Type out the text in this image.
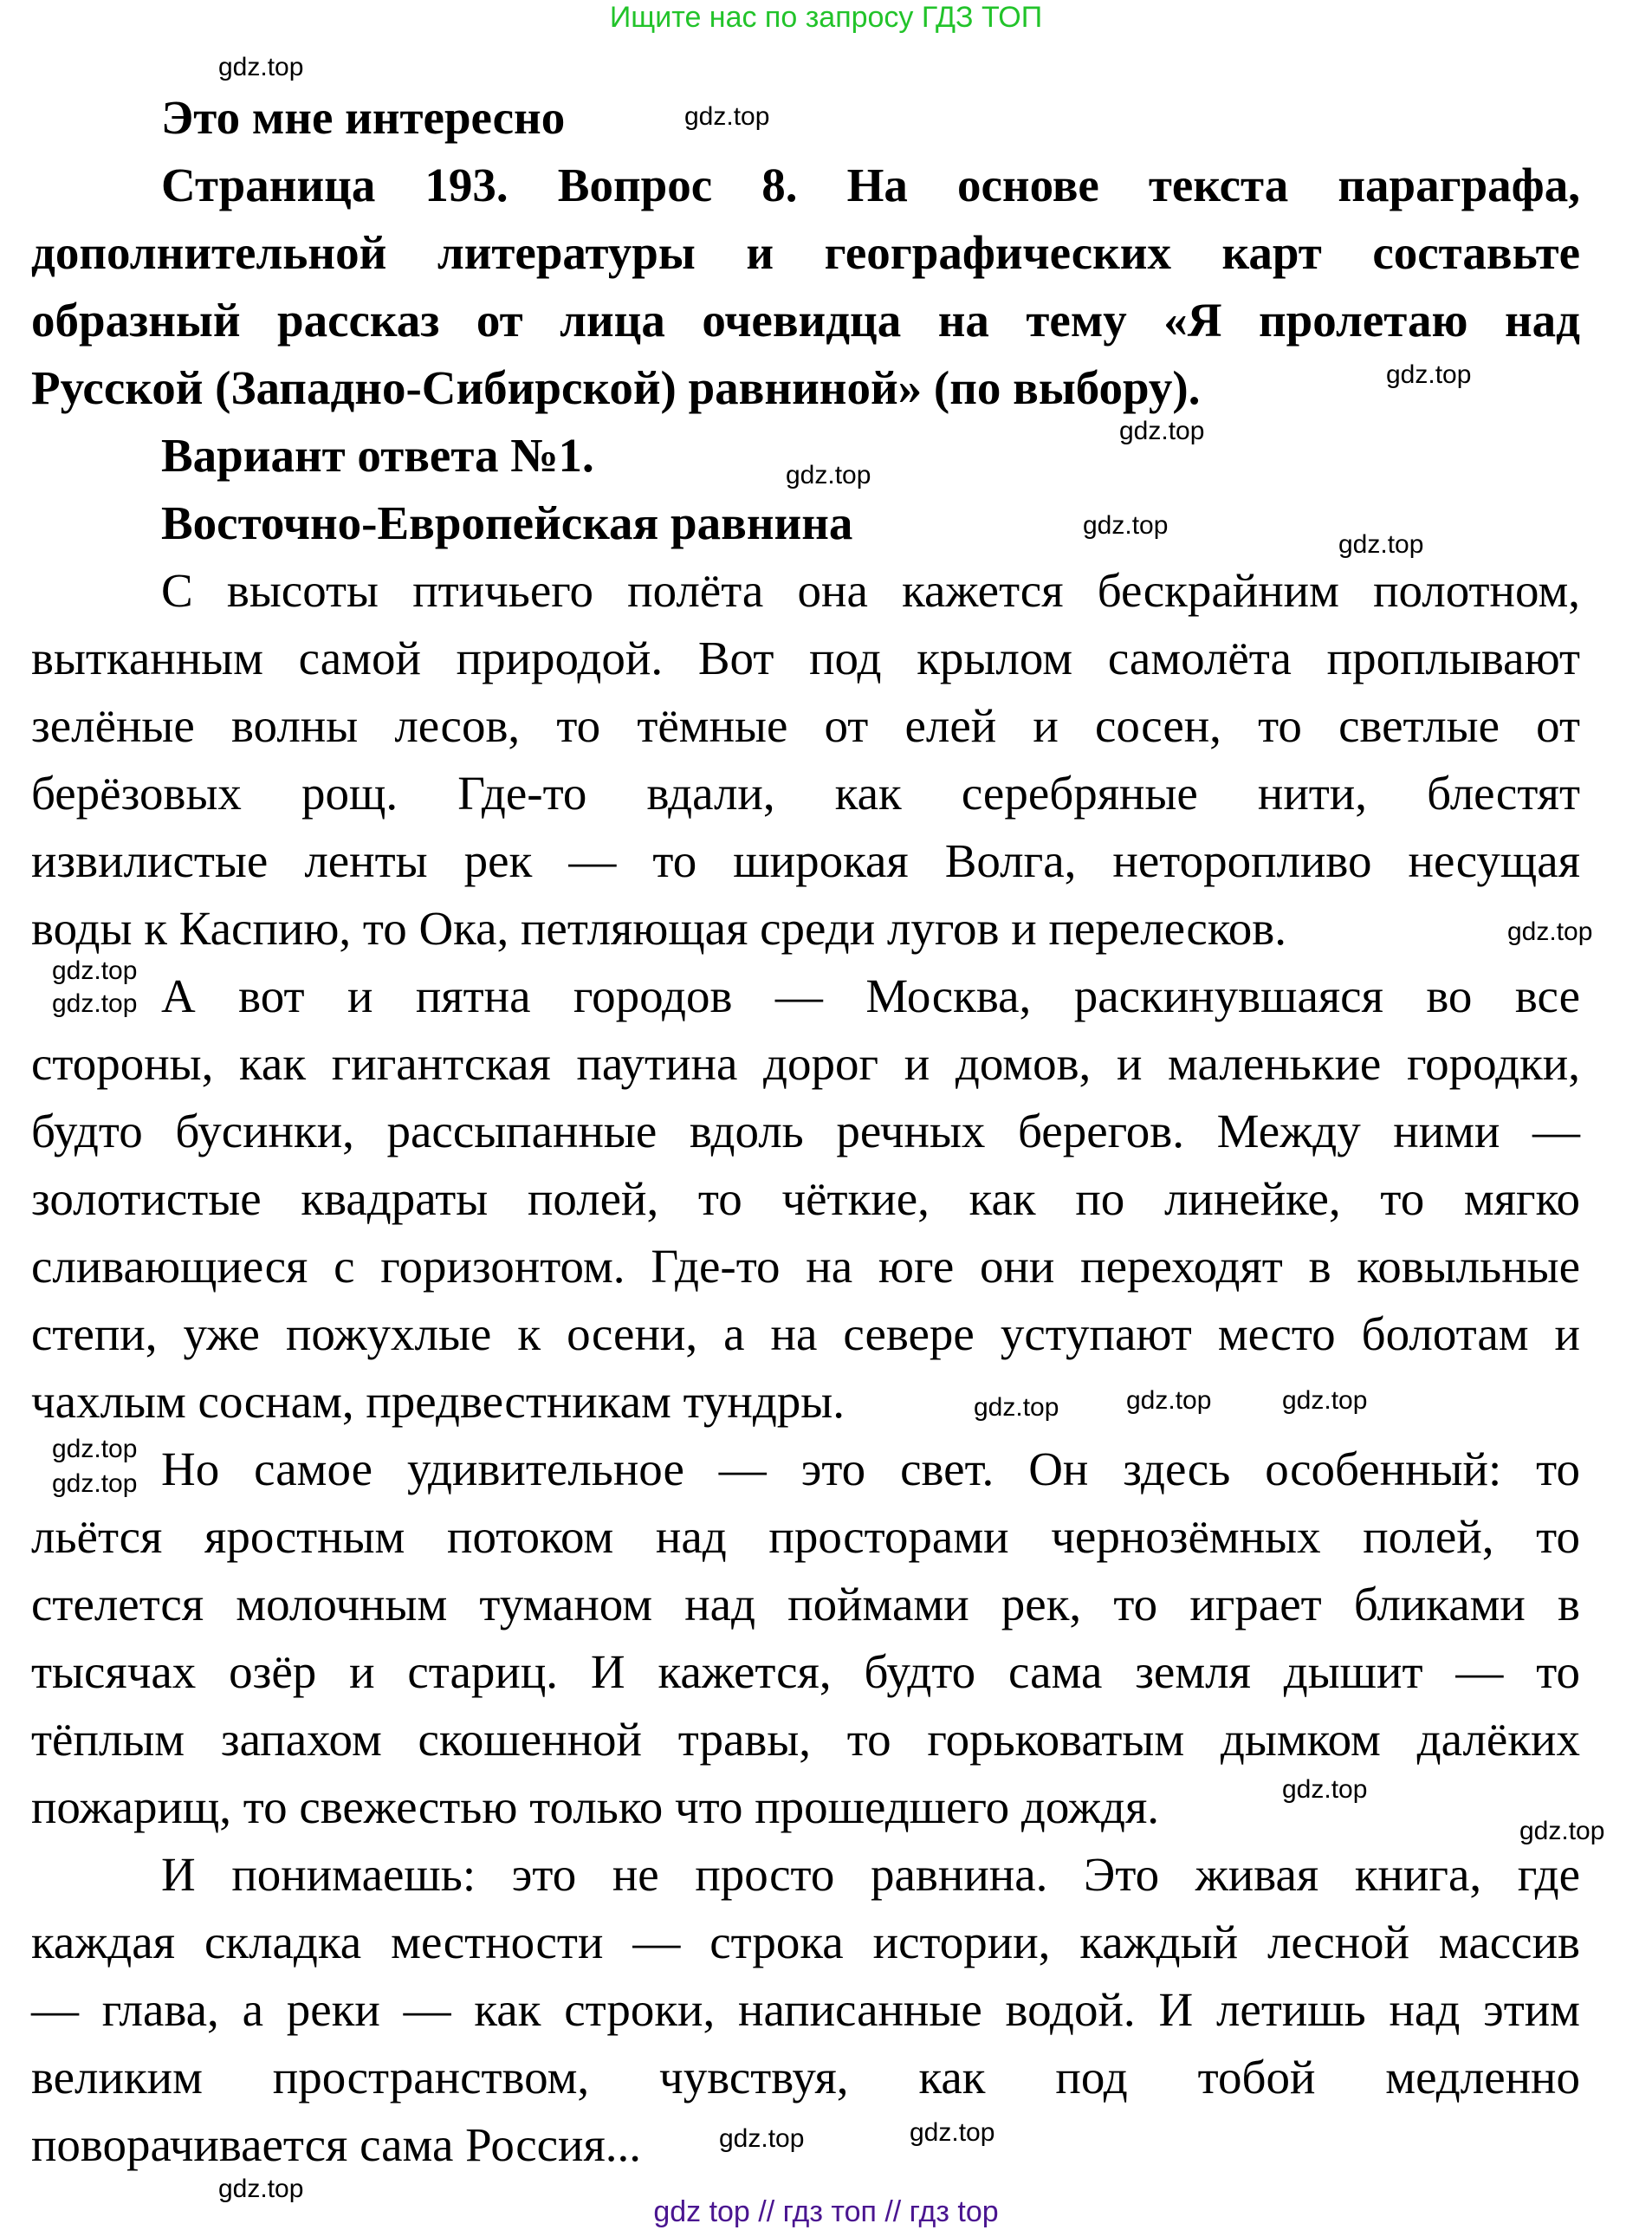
Ищите нас по запросу ГДЗ ТОП
Это мне интересно
Страница 193. Вопрос 8. На основе текста параграфа,
дополнительной литературы и географических карт составьте
образный рассказ от лица очевидца на тему «Я пролетаю над
Русской (Западно-Сибирской) равниной» (по выбору).
Вариант ответа №1.
Восточно-Европейская равнина
С высоты птичьего полёта она кажется бескрайним полотном,
вытканным самой природой. Вот под крылом самолёта проплывают
зелёные волны лесов, то тёмные от елей и сосен, то светлые от
берёзовых рощ. Где-то вдали, как серебряные нити, блестят
извилистые ленты рек — то широкая Волга, неторопливо несущая
воды к Каспию, то Ока, петляющая среди лугов и перелесков.
А вот и пятна городов — Москва, раскинувшаяся во все
стороны, как гигантская паутина дорог и домов, и маленькие городки,
будто бусинки, рассыпанные вдоль речных берегов. Между ними —
золотистые квадраты полей, то чёткие, как по линейке, то мягко
сливающиеся с горизонтом. Где-то на юге они переходят в ковыльные
степи, уже пожухлые к осени, а на севере уступают место болотам и
чахлым соснам, предвестникам тундры.
Но самое удивительное — это свет. Он здесь особенный: то
льётся яростным потоком над просторами чернозёмных полей, то
стелется молочным туманом над поймами рек, то играет бликами в
тысячах озёр и стариц. И кажется, будто сама земля дышит — то
тёплым запахом скошенной травы, то горьковатым дымком далёких
пожарищ, то свежестью только что прошедшего дождя.
И понимаешь: это не просто равнина. Это живая книга, где
каждая складка местности — строка истории, каждый лесной массив
— глава, а реки — как строки, написанные водой. И летишь над этим
великим пространством, чувствуя, как под тобой медленно
поворачивается сама Россия...
gdz.top
gdz.top
gdz.top
gdz.top
gdz.top
gdz.top
gdz.top
gdz.top
gdz.top
gdz.top
gdz.top	gdz.top
gdz.top
gdz.top
gdz.top
gdz.top
gdz.top
gdz.top
gdz.top
gdz.top
gdz top // гдз топ // гдз top
